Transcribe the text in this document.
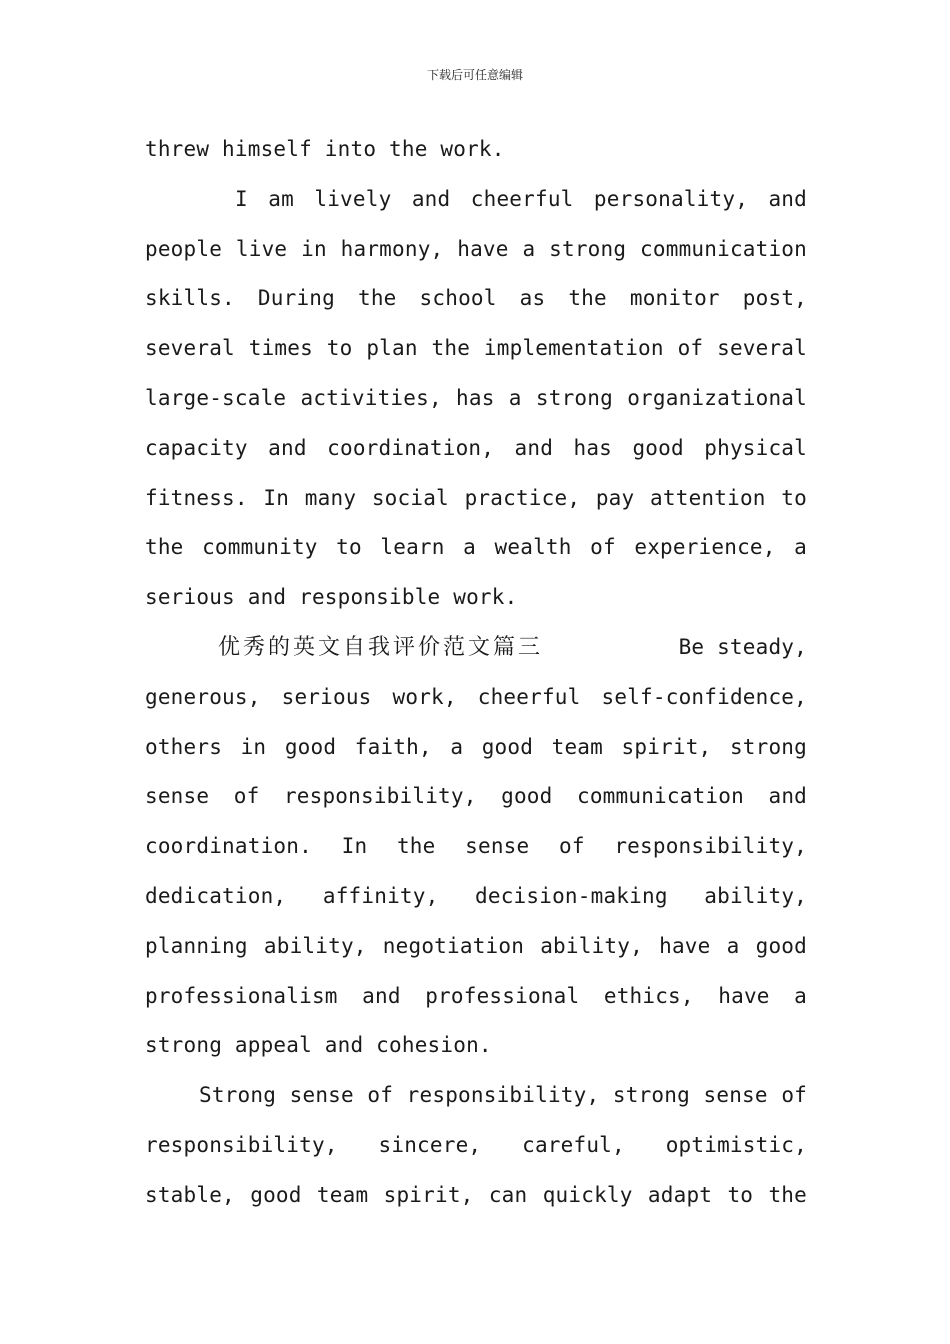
下载后可任意编辑
threw himself into the work.
I am lively and cheerful personality, and
people live in harmony, have a strong communication
skills. During the school as the monitor post,
several times to plan the implementation of several
large-scale activities, has a strong organizational
capacity and coordination, and has good physical
fitness. In many social practice, pay attention to
the community to learn a wealth of experience, a
serious and responsible work.
优秀的英文自我评价范文篇三	Be steady,
generous, serious work, cheerful self-confidence,
others in good faith, a good team spirit, strong
sense of responsibility, good communication and
coordination. In the sense of responsibility,
dedication, affinity, decision-making ability,
planning ability, negotiation ability, have a good
professionalism and professional ethics, have a
strong appeal and cohesion.
Strong sense of responsibility, strong sense of
responsibility, sincere, careful, optimistic,
stable, good team spirit, can quickly adapt to the
